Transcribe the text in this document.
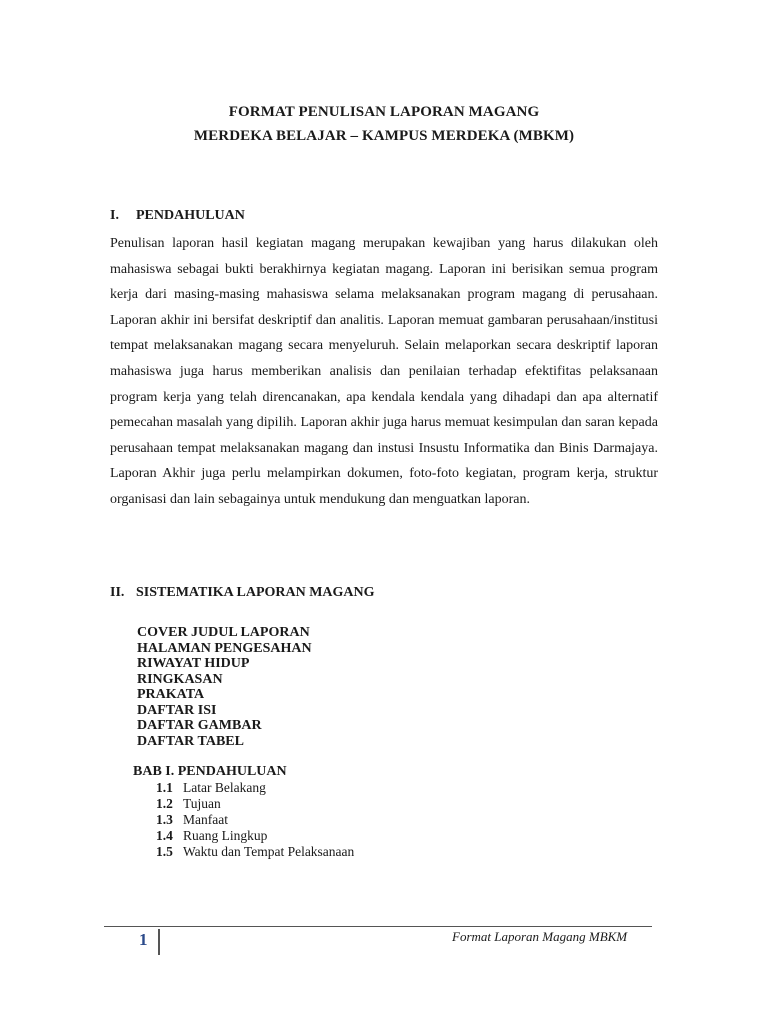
FORMAT PENULISAN LAPORAN MAGANG
MERDEKA BELAJAR – KAMPUS MERDEKA (MBKM)
I. PENDAHULUAN

Penulisan laporan hasil kegiatan magang merupakan kewajiban yang harus dilakukan oleh mahasiswa sebagai bukti berakhirnya kegiatan magang. Laporan ini berisikan semua program kerja dari masing-masing mahasiswa selama melaksanakan program magang di perusahaan. Laporan akhir ini bersifat deskriptif dan analitis. Laporan memuat gambaran perusahaan/institusi tempat melaksanakan magang secara menyeluruh. Selain melaporkan secara deskriptif laporan mahasiswa juga harus memberikan analisis dan penilaian terhadap efektifitas pelaksanaan program kerja yang telah direncanakan, apa kendala kendala yang dihadapi dan apa alternatif pemecahan masalah yang dipilih. Laporan akhir juga harus memuat kesimpulan dan saran kepada perusahaan tempat melaksanakan magang dan instusi Insustu Informatika dan Binis Darmajaya. Laporan Akhir juga perlu melampirkan dokumen, foto-foto kegiatan, program kerja, struktur organisasi dan lain sebagainya untuk mendukung dan menguatkan laporan.

II. SISTEMATIKA LAPORAN MAGANG
COVER JUDUL LAPORAN
HALAMAN PENGESAHAN
RIWAYAT HIDUP
RINGKASAN
PRAKATA
DAFTAR ISI
DAFTAR GAMBAR
DAFTAR TABEL
BAB I. PENDAHULUAN
1.1 Latar Belakang
1.2 Tujuan
1.3 Manfaat
1.4 Ruang Lingkup
1.5 Waktu dan Tempat Pelaksanaan
1	Format Laporan Magang MBKM
